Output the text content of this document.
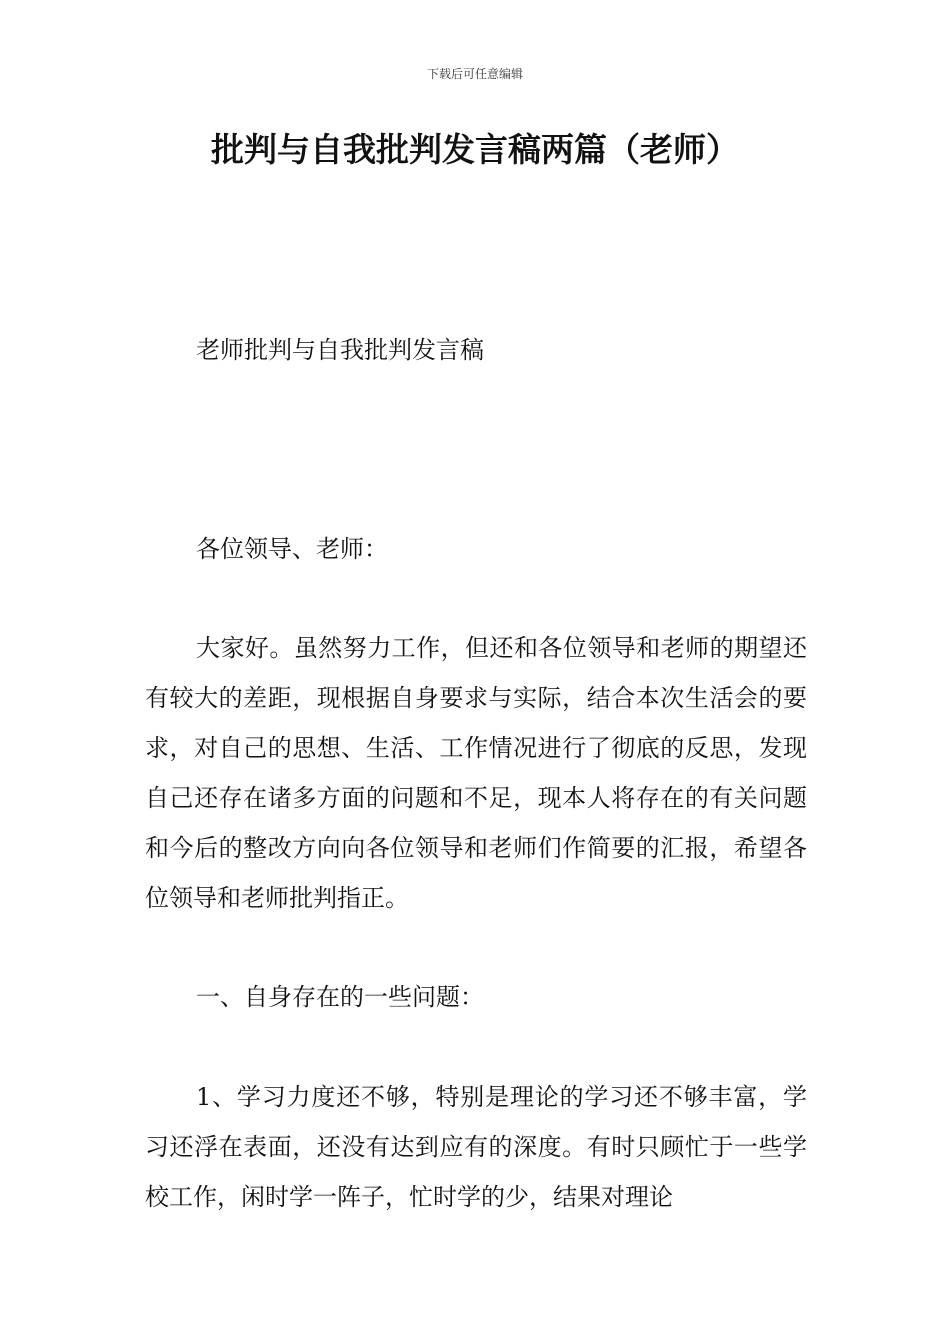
下载后可任意编辑
批判与自我批判发言稿两篇（老师）
老师批判与自我批判发言稿
各位领导、老师：

大家好。虽然努力工作，但还和各位领导和老师的期望还有较大的差距，现根据自身要求与实际，结合本次生活会的要求，对自己的思想、生活、工作情况进行了彻底的反思，发现自己还存在诸多方面的问题和不足，现本人将存在的有关问题和今后的整改方向向各位领导和老师们作简要的汇报，希望各位领导和老师批判指正。

一、自身存在的一些问题：

1、学习力度还不够，特别是理论的学习还不够丰富，学习还浮在表面，还没有达到应有的深度。有时只顾忙于一些学校工作，闲时学一阵子，忙时学的少，结果对理论
